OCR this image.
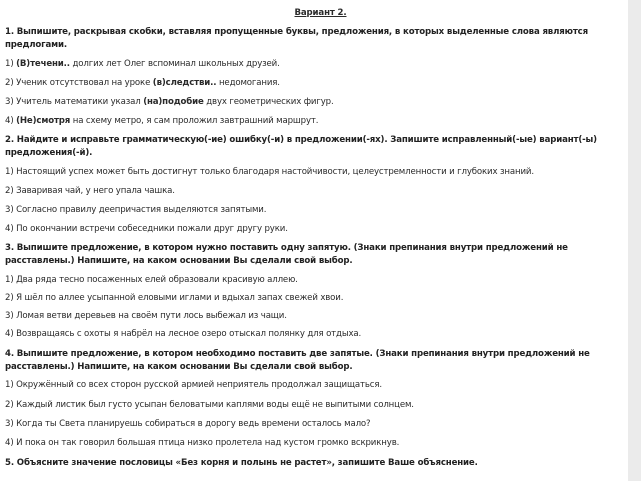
Вариант 2.
1. Выпишите, раскрывая скобки, вставляя пропущенные буквы, предложения, в которых выделенные слова являются
предлогами.
1) (В)течени.. долгих лет Олег вспоминал школьных друзей.
2) Ученик отсутствовал на уроке (в)следстви.. недомогания.
3) Учитель математики указал (на)подобие двух геометрических фигур.
4) (Не)смотря на схему метро, я сам проложил завтрашний маршрут.
2. Найдите и исправьте грамматическую(-ие) ошибку(-и) в предложении(-ях). Запишите исправленный(-ые) вариант(-ы)
предложения(-й).
1) Настоящий успех может быть достигнут только благодаря настойчивости, целеустремленности и глубоких знаний.
2) Заваривая чай, у него упала чашка.
3) Согласно правилу деепричастия выделяются запятыми.
4) По окончании встречи собеседники пожали друг другу руки.
3. Выпишите предложение, в котором нужно поставить одну запятую. (Знаки препинания внутри предложений не
расставлены.) Напишите, на каком основании Вы сделали свой выбор.
1) Два ряда тесно посаженных елей образовали красивую аллею.
2) Я шёл по аллее усыпанной еловыми иглами и вдыхал запах свежей хвои.
3) Ломая ветви деревьев на своём пути лось выбежал из чащи.
4) Возвращаясь с охоты я набрёл на лесное озеро отыскал полянку для отдыха.
4. Выпишите предложение, в котором необходимо поставить две запятые. (Знаки препинания внутри предложений не
расставлены.) Напишите, на каком основании Вы сделали свой выбор.
1) Окружённый со всех сторон русской армией неприятель продолжал защищаться.
2) Каждый листик был густо усыпан беловатыми каплями воды ещё не выпитыми солнцем.
3) Когда ты Света планируешь собираться в дорогу ведь времени осталось мало?
4) И пока он так говорил большая птица низко пролетела над кустом громко вскрикнув.
5. Объясните значение пословицы «Без корня и полынь не растет», запишите Ваше объяснение.
